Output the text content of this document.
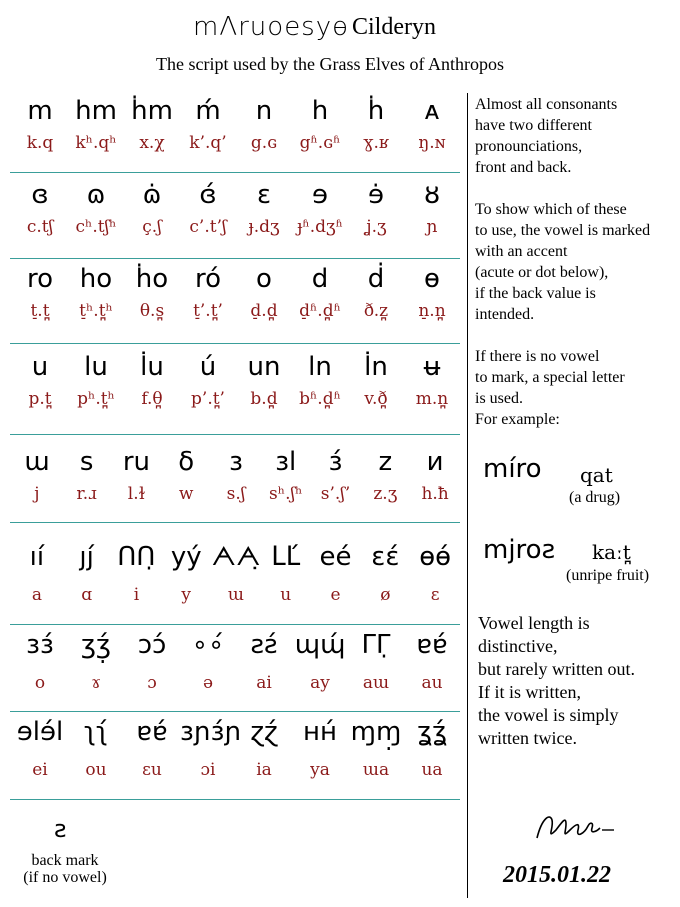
mΛruoesyɵ Cilderyn
The script used by the Grass Elves of Anthropos
m
k.q
hm
kʰ.qʰ
ḣm
x.χ
ḿ
k’.q’
n
g.ɢ
h
gʱ.ɢʱ
ḣ
ɣ.ʁ
ᴀ
ŋ.ɴ
ɞ
c.tʃ
ɷ
cʰ.tʃʰ
ɷ̇
ç.ʃ
ɞ́
c’.t’ʃ
ɛ
ɟ.dʒ
ɘ
ɟʱ.dʒʱ
ɘ̇
ʝ.ʒ
ȣ
ɲ
ro
t̠.t̪
ho
t̠ʰ.t̪ʰ
ḣo
θ.s̪
ró
t̠’.t̪’
o
d̠.d̪
d
d̠ʱ.d̪ʱ
ḋ
ð.z̪
ɵ
n̠.n̪
u
p.t̪
lu
pʰ.t̪ʰ
l̇u
f.θ̪
ú
p’.t̪’
un
b.d̪
ln
bʱ.d̪ʱ
l̇n
v.ð̪
ʉ
m.n̪
ɯ
j
s
r.ɹ
ru
l.ɫ
δ
w
ɜ
s.ʃ
ɜl
sʰ.ʃʰ
ɜ́
s’.ʃ’
z
z.ʒ
и
h.ħ
ıí
a
ȷȷ́
ɑ
ՈՈ̣
i
yý
y
ᗅᗅ̣
ɯ
ᒪᒪ́
u
eé
e
ɛɛ́
ø
ɵɵ́
ɛ
ɜɜ́
o
ʒʒ̣́
ɤ
ɔɔ́
ɔ
∘∘́
ə
ƨƨ́
ai
ɰɰ́
ay
ΓΓ̣
aɯ
ɐɐ́
au
ɘlɘ́l
ei
ʅʅ́
ou
ɐɐ́
ɛu
ɜɲɜ́ɲ
ɔi
ɀɀ́
ia
ʜʜ́
ya
ɱɱ̣
ɯa
ʓʓ́
ua

Almost all consonants

have two different

pronounciations,

front and back.

To show which of these

to use, the vowel is marked

with an accent

(acute or dot below),

if the back value is

intended.

If there is no vowel

to mark, a special letter

is used.

For example:

míro qat
(a drug)
mjroƨ kaːt̪
(unripe fruit)

Vowel length is

distinctive,

but rarely written out.

If it is written,

the vowel is simply

written twice.

ƨ
back mark
(if no vowel)	2015.01.22
